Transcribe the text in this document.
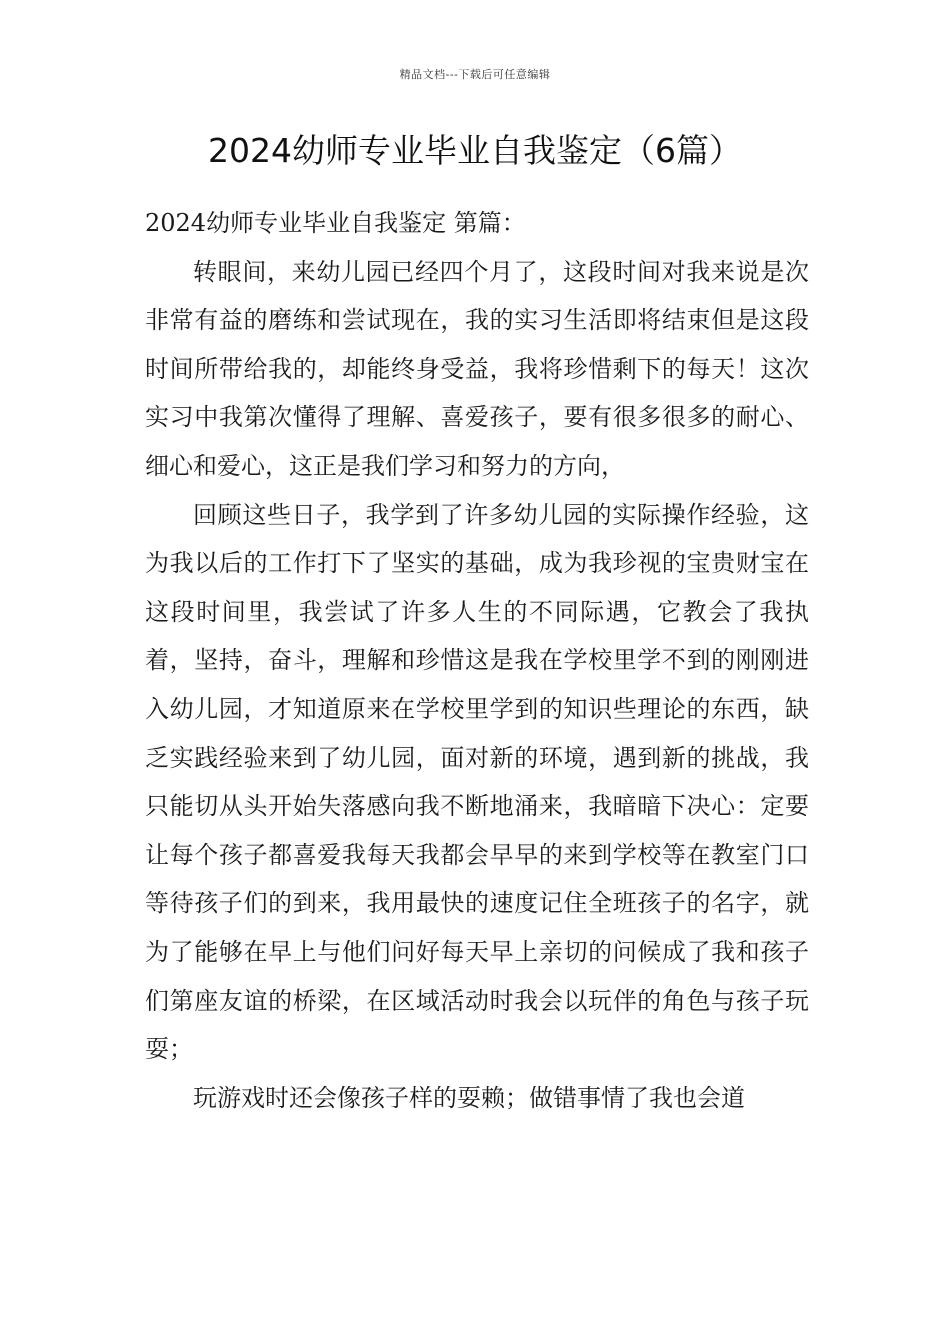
精品文档---下载后可任意编辑
2024幼师专业毕业自我鉴定（6篇）

2024幼师专业毕业自我鉴定 第篇：

转眼间，来幼儿园已经四个月了，这段时间对我来说是次非常有益的磨练和尝试现在，我的实习生活即将结束但是这段时间所带给我的，却能终身受益，我将珍惜剩下的每天！这次实习中我第次懂得了理解、喜爱孩子，要有很多很多的耐心、细心和爱心，这正是我们学习和努力的方向，

回顾这些日子，我学到了许多幼儿园的实际操作经验，这为我以后的工作打下了坚实的基础，成为我珍视的宝贵财宝在这段时间里，我尝试了许多人生的不同际遇，它教会了我执着，坚持，奋斗，理解和珍惜这是我在学校里学不到的刚刚进入幼儿园，才知道原来在学校里学到的知识些理论的东西，缺乏实践经验来到了幼儿园，面对新的环境，遇到新的挑战，我只能切从头开始失落感向我不断地涌来，我暗暗下决心：定要让每个孩子都喜爱我每天我都会早早的来到学校等在教室门口等待孩子们的到来，我用最快的速度记住全班孩子的名字，就为了能够在早上与他们问好每天早上亲切的问候成了我和孩子们第座友谊的桥梁，在区域活动时我会以玩伴的角色与孩子玩耍；

玩游戏时还会像孩子样的耍赖；做错事情了我也会道
